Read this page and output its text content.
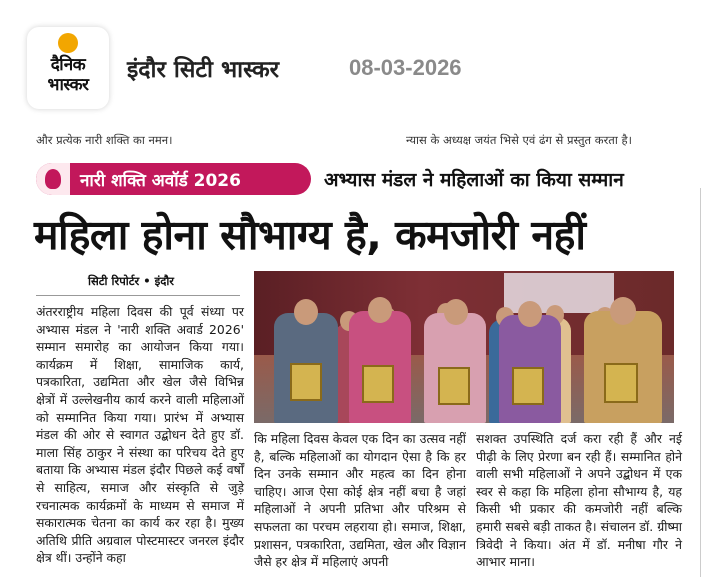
दैनिक
भास्कर
इंदौर सिटी भास्कर	08-03-2026
और प्रत्येक नारी शक्ति का नमन।	न्यास के अध्यक्ष जयंत भिसे एवं ढंग से प्रस्तुत करता है।
नारी शक्ति अवॉर्ड 2026	अभ्यास मंडल ने महिलाओं का किया सम्मान
महिला होना सौभाग्य है, कमजोरी नहीं
सिटी रिपोर्टर • इंदौर
अंतरराष्ट्रीय महिला दिवस की पूर्व संध्या पर अभ्यास मंडल ने 'नारी शक्ति अवार्ड 2026' सम्मान समारोह का आयोजन किया गया। कार्यक्रम में शिक्षा, सामाजिक कार्य, पत्रकारिता, उद्यमिता और खेल जैसे विभिन्न क्षेत्रों में उल्लेखनीय कार्य करने वाली महिलाओं को सम्मानित किया गया। प्रारंभ में अभ्यास मंडल की ओर से स्वागत उद्बोधन देते हुए डॉ. माला सिंह ठाकुर ने संस्था का परिचय देते हुए बताया कि अभ्यास मंडल इंदौर पिछले कई वर्षों से साहित्य, समाज और संस्कृति से जुड़े रचनात्मक कार्यक्रमों के माध्यम से समाज में सकारात्मक चेतना का कार्य कर रहा है। मुख्य अतिथि प्रीति अग्रवाल पोस्टमास्टर जनरल इंदौर क्षेत्र थीं। उन्होंने कहा
कि महिला दिवस केवल एक दिन का उत्सव नहीं है, बल्कि महिलाओं का योगदान ऐसा है कि हर दिन उनके सम्मान और महत्व का दिन होना चाहिए। आज ऐसा कोई क्षेत्र नहीं बचा है जहां महिलाओं ने अपनी प्रतिभा और परिश्रम से सफलता का परचम लहराया हो। समाज, शिक्षा, प्रशासन, पत्रकारिता, उद्यमिता, खेल और विज्ञान जैसे हर क्षेत्र में महिलाएं अपनी
सशक्त उपस्थिति दर्ज करा रही हैं और नई पीढ़ी के लिए प्रेरणा बन रही हैं। सम्मानित होने वाली सभी महिलाओं ने अपने उद्बोधन में एक स्वर से कहा कि महिला होना सौभाग्य है, यह किसी भी प्रकार की कमजोरी नहीं बल्कि हमारी सबसे बड़ी ताकत है। संचालन डॉ. ग्रीष्मा त्रिवेदी ने किया। अंत में डॉ. मनीषा गौर ने आभार माना।
